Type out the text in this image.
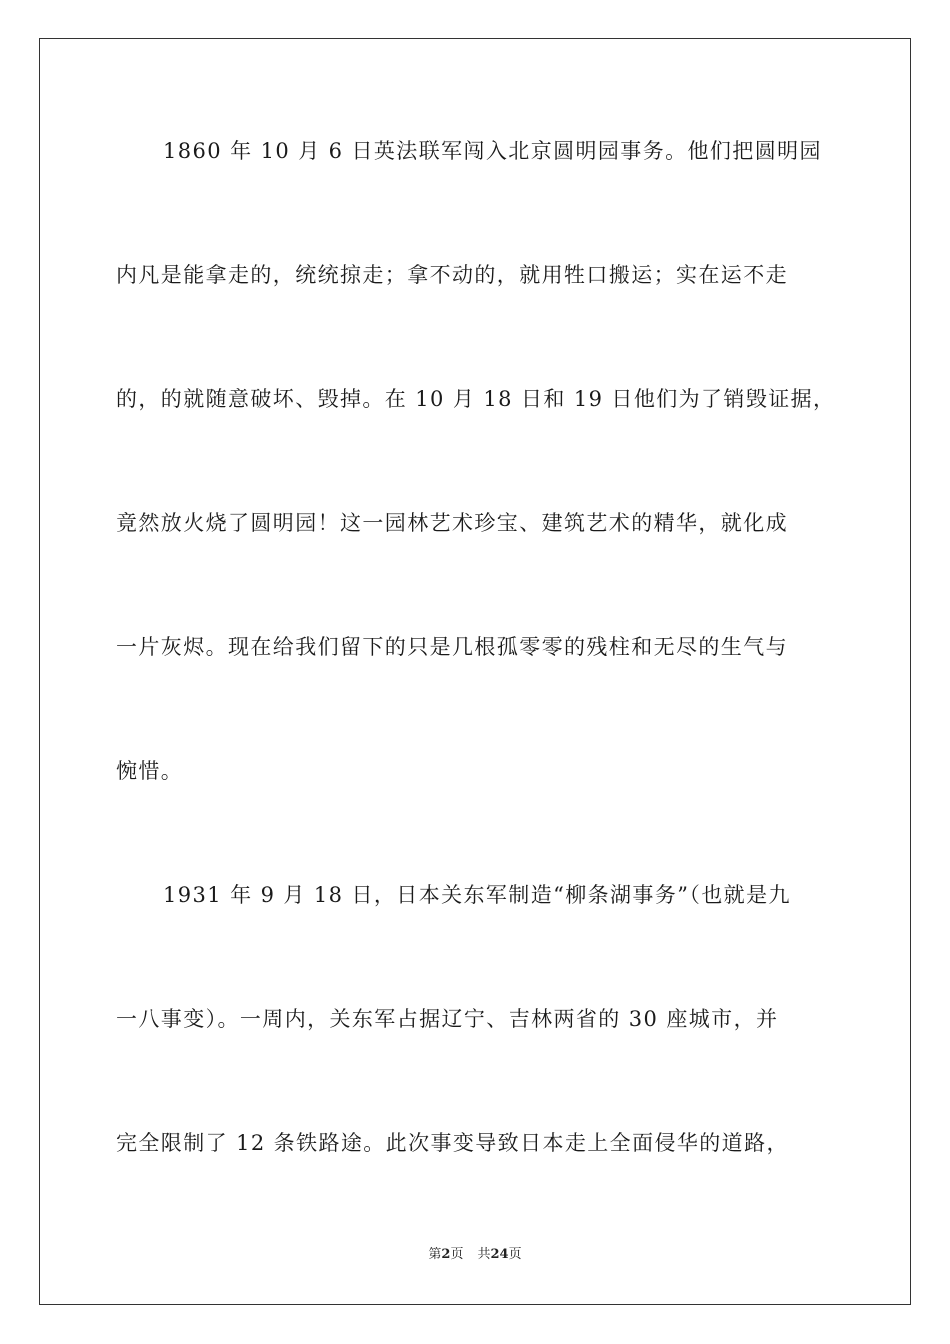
1860 年 10 月 6 日英法联军闯入北京圆明园事务。他们把圆明园
内凡是能拿走的，统统掠走；拿不动的，就用牲口搬运；实在运不走
的，的就随意破坏、毁掉。在 10 月 18 日和 19 日他们为了销毁证据，
竟然放火烧了圆明园！这一园林艺术珍宝、建筑艺术的精华，就化成
一片灰烬。现在给我们留下的只是几根孤零零的残柱和无尽的生气与
惋惜。
1931 年 9 月 18 日，日本关东军制造“柳条湖事务”（也就是九
一八事变）。一周内，关东军占据辽宁、吉林两省的 30 座城市，并
完全限制了 12 条铁路途。此次事变导致日本走上全面侵华的道路，
第2页 共24页
